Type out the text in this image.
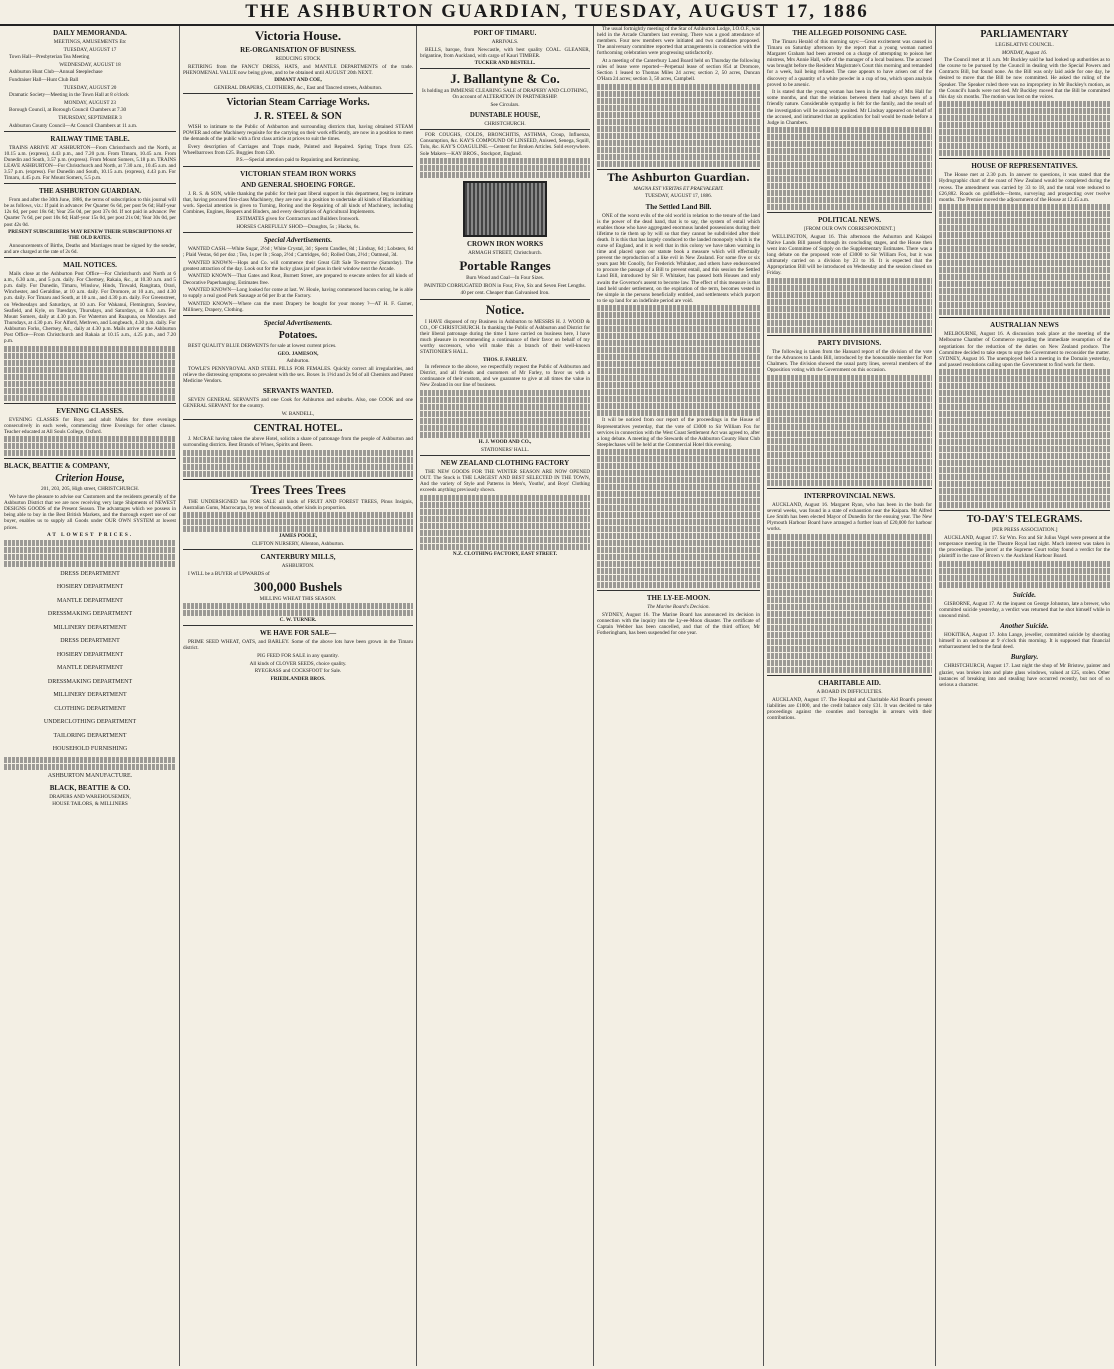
THE ASHBURTON GUARDIAN, TUESDAY, AUGUST 17, 1886
DAILY MEMORANDA.

MEETINGS, AMUSEMENTS Etc

TUESDAY, AUGUST 17

Town Hall—Presbyterian Tea Meeting

WEDNESDAY, AUGUST 18

Ashburton Hunt Club—Annual Steeplechase

Fundraiser Hall—Hunt Club Ball

TUESDAY, AUGUST 20

Dramatic Society—Meeting in the Town Hall at 8 o'clock

MONDAY, AUGUST 23

Borough Council, at Borough Council Chambers at 7.30

THURSDAY, SEPTEMBER 3

Ashburton County Council—At Council Chambers at 11 a.m.

RAILWAY TIME TABLE.

TRAINS ARRIVE AT ASHBURTON—From Christchurch and the North, at 10.15 a.m. (express), 4.43 p.m., and 7.20 p.m. From Timaru, 10.45 a.m. From Dunedin and South, 3.57 p.m. (express). From Mount Somers, 5.18 p.m. TRAINS LEAVE ASHBURTON—For Christchurch and North, at 7.30 a.m., 10.45 a.m. and 3.57 p.m. (express). For Dunedin and South, 10.15 a.m. (express), 4.43 p.m. For Timaru, 4.45 p.m. For Mount Somers, 5.5 p.m.

THE ASHBURTON GUARDIAN.

From and after the 30th June, 1886, the terms of subscription to this journal will be as follows, viz.: If paid in advance: Per Quarter 6s 6d, per post 9s 6d; Half-year 12s 6d, per post 18s 6d; Year 25s 0d, per post 37s 0d. If not paid in advance: Per Quarter 7s 6d, per post 10s 6d; Half-year 15s 0d, per post 21s 0d; Year 30s 0d, per post 42s 0d.

PRESENT SUBSCRIBERS MAY RENEW THEIR SUBSCRIPTIONS AT THE OLD RATES.

Announcements of Births, Deaths and Marriages must be signed by the sender, and are charged at the rate of 2s 6d.

MAIL NOTICES.

Mails close at the Ashburton Post Office—For Christchurch and North at 6 a.m., 6.30 a.m., and 5 p.m. daily. For Chertsey, Rakaia, &c., at 10.30 a.m. and 5 p.m. daily. For Dunedin, Timaru, Winslow, Hinds, Tinwald, Rangitata, Orari, Winchester, and Geraldine, at 10 a.m. daily. For Dromore, at 10 a.m., and 4.30 p.m. daily. For Timaru and South, at 10 a.m., and 4.30 p.m. daily. For Greenstreet, on Wednesdays and Saturdays, at 10 a.m. For Wakanui, Flemington, Seaview, Seafield, and Kyle, on Tuesdays, Thursdays, and Saturdays, at 6.30 a.m. For Mount Somers, daily at 4.30 p.m. For Waterton and Ruapuna, on Mondays and Thursdays, at 4.30 p.m. For Alford, Methven, and Longbeach, 4.30 p.m. daily. For Ashburton Forks, Chertsey, &c., daily at 4.30 p.m. Mails arrive at the Ashburton Post Office—From Christchurch and Rakaia at 10.15 a.m., 4.25 p.m., and 7.20 p.m.

EVENING CLASSES.

EVENING CLASSES for Boys and adult Males for three evenings consecutively in each week, commencing three Evenings for other classes. Teacher educated at All Souls College, Oxford.

BLACK, BEATTIE & COMPANY,
Criterion House,

201, 203, 205, High street, CHRISTCHURCH.

We have the pleasure to advise our Customers and the residents generally of the Ashburton District that we are now receiving very large Shipments of NEWEST DESIGNS GOODS of the Present Season. The advantages which we possess in being able to buy in the Best British Markets, and the thorough expert use of our buyer, enables us to supply all Goods under OUR OWN SYSTEM at lowest prices.

AT LOWEST PRICES.

DRESS DEPARTMENT

HOSIERY DEPARTMENT

MANTLE DEPARTMENT

DRESSMAKING DEPARTMENT

MILLINERY DEPARTMENT

DRESS DEPARTMENT

HOSIERY DEPARTMENT

MANTLE DEPARTMENT

DRESSMAKING DEPARTMENT

MILLINERY DEPARTMENT

CLOTHING DEPARTMENT

UNDERCLOTHING DEPARTMENT

TAILORING DEPARTMENT

HOUSEHOLD FURNISHING

ASHBURTON MANUFACTURE.

BLACK, BEATTIE & CO.

DRAPERS AND WAREHOUSEMEN,

HOUSE TAILORS, & MILLINERS

Victoria House.
RE-ORGANISATION OF BUSINESS.

REDUCING STOCK

RETIRING from the FANCY DRESS, HATS, and MANTLE DEPARTMENTS of the trade. PHENOMENAL VALUE now being given, and to be obtained until AUGUST 20th NEXT.

DIMANT AND COE,

GENERAL DRAPERS, CLOTHIERS, &c., East and Tancred streets, Ashburton.

Victorian Steam Carriage Works.
J. R. STEEL & SON

WISH to intimate to the Public of Ashburton and surrounding districts that, having obtained STEAM POWER and other Machinery requisite for the carrying on their work efficiently, are now in a position to meet the demands of the public with a first class article at prices to suit the times.

Every description of Carriages and Traps made, Painted and Repaired. Spring Traps from £25. Wheelbarrows from £25. Buggies from £30.

P.S.—Special attention paid to Repainting and Retrimming.

VICTORIAN STEAM IRON WORKS
AND GENERAL SHOEING FORGE.

J. R. S. & SON, while thanking the public for their past liberal support in this department, beg to intimate that, having procured first-class Machinery, they are now in a position to undertake all kinds of Blacksmithing work. Special attention is given to Turning, Boring and the Repairing of all kinds of Machinery, including Combines, Engines, Reapers and Binders, and every description of Agricultural Implements.

ESTIMATES given for Contractors and Builders Ironwork.

HORSES CAREFULLY SHOD—Draughts, 5s ; Hacks, 6s.

Special Advertisements.

WANTED CASH.—White Sugar, 2½d ; White Crystal, 3d ; Sperm Candles, 8d ; Lindsay, 6d ; Lobsters, 6d ; Plaid Vestas, 6d per doz ; Tea, 1s per lb ; Soap, 2½d ; Cartridges, 6d ; Rolled Oats, 2½d ; Oatmeal, 3d.

WANTED KNOWN—Hops and Co. will commence their Great Gift Sale To-morrow (Saturday). The greatest attraction of the day. Look out for the lucky glass jar of peas in their window next the Arcade.

WANTED KNOWN—That Gates and Rout, Burnett Street, are prepared to execute orders for all kinds of Decorative Paperhanging. Estimates free.

WANTED KNOWN—Long looked for come at last. W. Houle, having commenced bacon curing, he is able to supply a real good Pork Sausage at 6d per lb at the Factory.

WANTED KNOWN—Where can the most Drapery be bought for your money ?—AT H. F. Garner, Millinery, Drapery, Clothing.

Special Advertisements.
Potatoes.

BEST QUALITY BLUE DERWENTS for sale at lowest current prices.

GEO. JAMESON,

Ashburton.

TOWLE'S PENNYROYAL AND STEEL PILLS FOR FEMALES. Quickly correct all irregularities, and relieve the distressing symptoms so prevalent with the sex. Boxes 1s 1½d and 2s 9d of all Chemists and Patent Medicine Vendors.

SERVANTS WANTED.

SEVEN GENERAL SERVANTS and one Cook for Ashburton and suburbs. Also, one COOK and one GENERAL SERVANT for the country.

W. BANDELL,

CENTRAL HOTEL.

J. McCRAE having taken the above Hotel, solicits a share of patronage from the people of Ashburton and surrounding districts. Best Brands of Wines, Spirits and Beers.

Trees Trees Trees

THE UNDERSIGNED has FOR SALE all kinds of FRUIT AND FOREST TREES, Pinus Insignis, Australian Gums, Macrocarpa, by tens of thousands, other kinds in proportion.

JAMES POOLE,

CLIFTON NURSERY, Allenton, Ashburton.

CANTERBURY MILLS,

ASHBURTON.

I WILL be a BUYER of UPWARDS of

300,000 Bushels

MILLING WHEAT THIS SEASON.

C. W. TURNER.

WE HAVE FOR SALE—

PRIME SEED WHEAT, OATS, and BARLEY. Some of the above lots have been grown in the Timaru district.

PIG FEED FOR SALE in any quantity.

All kinds of CLOVER SEEDS, choice quality.

RYEGRASS and COCKSFOOT for Sale.

FRIEDLANDER BROS.

PORT OF TIMARU.

ARRIVALS.

BELLS, barque, from Newcastle, with best quality COAL. GLEANER, brigantine, from Auckland, with cargo of Kauri TIMBER.

TUCKER AND BESTELL.

J. Ballantyne & Co.

Is holding an IMMENSE CLEARING SALE of DRAPERY AND CLOTHING, On account of ALTERATION IN PARTNERSHIP.

See Circulars.

DUNSTABLE HOUSE,

CHRISTCHURCH.

FOR COUGHS, COLDS, BRONCHITIS, ASTHMA, Croup, Influenza, Consumption, &c. KAY'S COMPOUND OF LINSEED, Aniseed, Senega, Squill, Tolu, &c. KAY'S COAGULINE.—Cement for Broken Articles. Sold everywhere. Sole Makers—KAY BROS., Stockport, England.

CROWN IRON WORKS

ARMAGH STREET, Christchurch.

Portable Ranges

Burn Wood and Coal—In Four Sizes.

PAINTED CORRUGATED IRON in Four, Five, Six and Seven Feet Lengths.

40 per cent. Cheaper than Galvanised Iron.

Notice.

I HAVE disposed of my Business in Ashburton to MESSRS H. J. WOOD & CO., OF CHRISTCHURCH. In thanking the Public of Ashburton and District for their liberal patronage during the time I have carried on business here, I have much pleasure in recommending a continuance of their favor on behalf of my worthy successors, who will make this a branch of their well-known STATIONER'S HALL.

THOS. F. FARLEY.

In reference to the above, we respectfully request the Public of Ashburton and District, and all friends and customers of Mr Farley, to favor us with a continuance of their custom, and we guarantee to give at all times the value in New Zealand in our line of business.

H. J. WOOD AND CO.,

STATIONERS' HALL.

NEW ZEALAND CLOTHING FACTORY

THE NEW GOODS FOR THE WINTER SEASON ARE NOW OPENED OUT. The Stock is THE LARGEST AND BEST SELECTED IN THE TOWN, And the variety of Style and Patterns in Men's, Youths', and Boys' Clothing exceeds anything previously shown.

N.Z. CLOTHING FACTORY, EAST STREET.

The usual fortnightly meeting of the Star of Ashburton Lodge, I.O.O.F., was held in the Arcade Chambers last evening. There was a good attendance of members. Four new members were initiated and two candidates proposed. The anniversary committee reported that arrangements in connection with the forthcoming celebration were progressing satisfactorily.

At a meeting of the Canterbury Land Board held on Thursday the following rules of lease were reported—Perpetual lease of section 854 at Dromore, Section 1 leased to Thomas Miles 24 acres; section 2, 50 acres, Duncan O'Hara 24 acres; section 3, 50 acres, Campbell.

The Ashburton Guardian.

MAGNA EST VERITAS ET PRAEVALEBIT.

TUESDAY, AUGUST 17, 1886.

The Settled Land Bill.

ONE of the worst evils of the old world in relation to the tenure of the land is the power of the dead hand, that is to say, the system of entail which enables those who have aggregated enormous landed possessions during their lifetime to tie them up by will so that they cannot be subdivided after their death. It is this that has largely conduced to the landed monopoly which is the curse of England, and it is well that in this colony we have taken warning in time and placed upon our statute book a measure which will effectually prevent the reproduction of a like evil in New Zealand. For some five or six years past Mr Conolly, for Frederick Whitaker, and others have endeavoured to procure the passage of a Bill to prevent entail, and this session the Settled Land Bill, introduced by Sir F. Whitaker, has passed both Houses and only awaits the Governor's assent to become law. The effect of this measure is that land held under settlement, on the expiration of the term, becomes vested in fee simple in the persons beneficially entitled, and settlements which purport to tie up land for an indefinite period are void.

It will be noticed from our report of the proceedings in the House of Representatives yesterday, that the vote of £3000 to Sir William Fox for services in connection with the West Coast Settlement Act was agreed to, after a long debate. A meeting of the Stewards of the Ashburton County Hunt Club Steeplechases will be held at the Commercial Hotel this evening.

THE LY-EE-MOON.

The Marine Board's Decision.

SYDNEY, August 16. The Marine Board has announced its decision in connection with the inquiry into the Ly-ee-Moon disaster. The certificate of Captain Webber has been cancelled, and that of the third officer, Mr Fotheringham, has been suspended for one year.

THE ALLEGED POISONING CASE.

The Timaru Herald of this morning says:—Great excitement was caused in Timaru on Saturday afternoon by the report that a young woman named Margaret Graham had been arrested on a charge of attempting to poison her mistress, Mrs Annie Hall, wife of the manager of a local business. The accused was brought before the Resident Magistrate's Court this morning and remanded for a week, bail being refused. The case appears to have arisen out of the discovery of a quantity of a white powder in a cup of tea, which upon analysis proved to be arsenic.

It is stated that the young woman has been in the employ of Mrs Hall for some months, and that the relations between them had always been of a friendly nature. Considerable sympathy is felt for the family, and the result of the investigation will be anxiously awaited. Mr Lindsay appeared on behalf of the accused, and intimated that an application for bail would be made before a Judge in Chambers.

POLITICAL NEWS.

[FROM OUR OWN CORRESPONDENT.]

WELLINGTON, August 16. This afternoon the Ashurton and Kaiapoi Native Lands Bill passed through its concluding stages, and the House then went into Committee of Supply on the Supplementary Estimates. There was a long debate on the proposed vote of £3000 to Sir William Fox, but it was ultimately carried on a division by 23 to 16. It is expected that the Appropriation Bill will be introduced on Wednesday and the session closed on Friday.

PARTY DIVISIONS.

The following is taken from the Hansard report of the division of the vote for the Advances to Lands Bill, introduced by the honourable member for Port Chalmers. The division showed the usual party lines, several members of the Opposition voting with the Government on this occasion.

INTERPROVINCIAL NEWS.

AUCKLAND, August 16. Margaret Ryan, who has been in the bush for several weeks, was found in a state of exhaustion near the Kaipara. Mr Alfred Lee Smith has been elected Mayor of Dunedin for the ensuing year. The New Plymouth Harbour Board have arranged a further loan of £20,000 for harbour works.

CHARITABLE AID.

A BOARD IN DIFFICULTIES.

AUCKLAND, August 17. The Hospital and Charitable Aid Board's present liabilities are £1000, and the credit balance only £31. It was decided to take proceedings against the counties and boroughs in arrears with their contributions.

PARLIAMENTARY

LEGISLATIVE COUNCIL.

MONDAY, August 16.

The Council met at 11 a.m. Mr Buckley said he had looked up authorities as to the course to be pursued by the Council in dealing with the Special Powers and Contracts Bill, but found none. As the Bill was only laid aside for one day, he desired to move that the Bill be now committed. He asked the ruling of the Speaker. The Speaker ruled there was no impropriety in Mr Buckley's motion, as the Council's hands were not tied. Mr Buckley moved that the Bill be committed this day six months. The motion was lost on the voices.

HOUSE OF REPRESENTATIVES.

The House met at 2.30 p.m. In answer to questions, it was stated that the Hydrographic chart of the coast of New Zealand would be completed during the recess. The amendment was carried by 33 to 18, and the total vote reduced to £26,882. Roads on goldfields—Items, surveying and prospecting over twelve months. The Premier moved the adjournment of the House at 12.45 a.m.

AUSTRALIAN NEWS

MELBOURNE, August 16. A discussion took place at the meeting of the Melbourne Chamber of Commerce regarding the immediate resumption of the negotiations for the reduction of the duties on New Zealand produce. The Committee decided to take steps to urge the Government to reconsider the matter. SYDNEY, August 16. The unemployed held a meeting in the Domain yesterday, and passed resolutions calling upon the Government to find work for them.

TO-DAY'S TELEGRAMS.

[PER PRESS ASSOCIATION.]

AUCKLAND, August 17. Sir Wm. Fox and Sir Julius Vogel were present at the temperance meeting in the Theatre Royal last night. Much interest was taken in the proceedings. The jurors' at the Supreme Court today found a verdict for the plaintiff in the case of Brown v. the Auckland Harbour Board.

Suicide.

GISBORNE, August 17. At the inquest on George Johnston, late a brewer, who committed suicide yesterday, a verdict was returned that he shot himself while in unsound mind.

Another Suicide.

HOKITIKA, August 17. John Lange, jeweller, committed suicide by shooting himself in an outhouse at 9 o'clock this morning. It is supposed that financial embarrassment led to the fatal deed.

Burglary.

CHRISTCHURCH, August 17. Last night the shop of Mr Bristow, painter and glazier, was broken into and plate glass windows, valued at £25, stolen. Other instances of breaking into and stealing have occurred recently, but not of so serious a character.
